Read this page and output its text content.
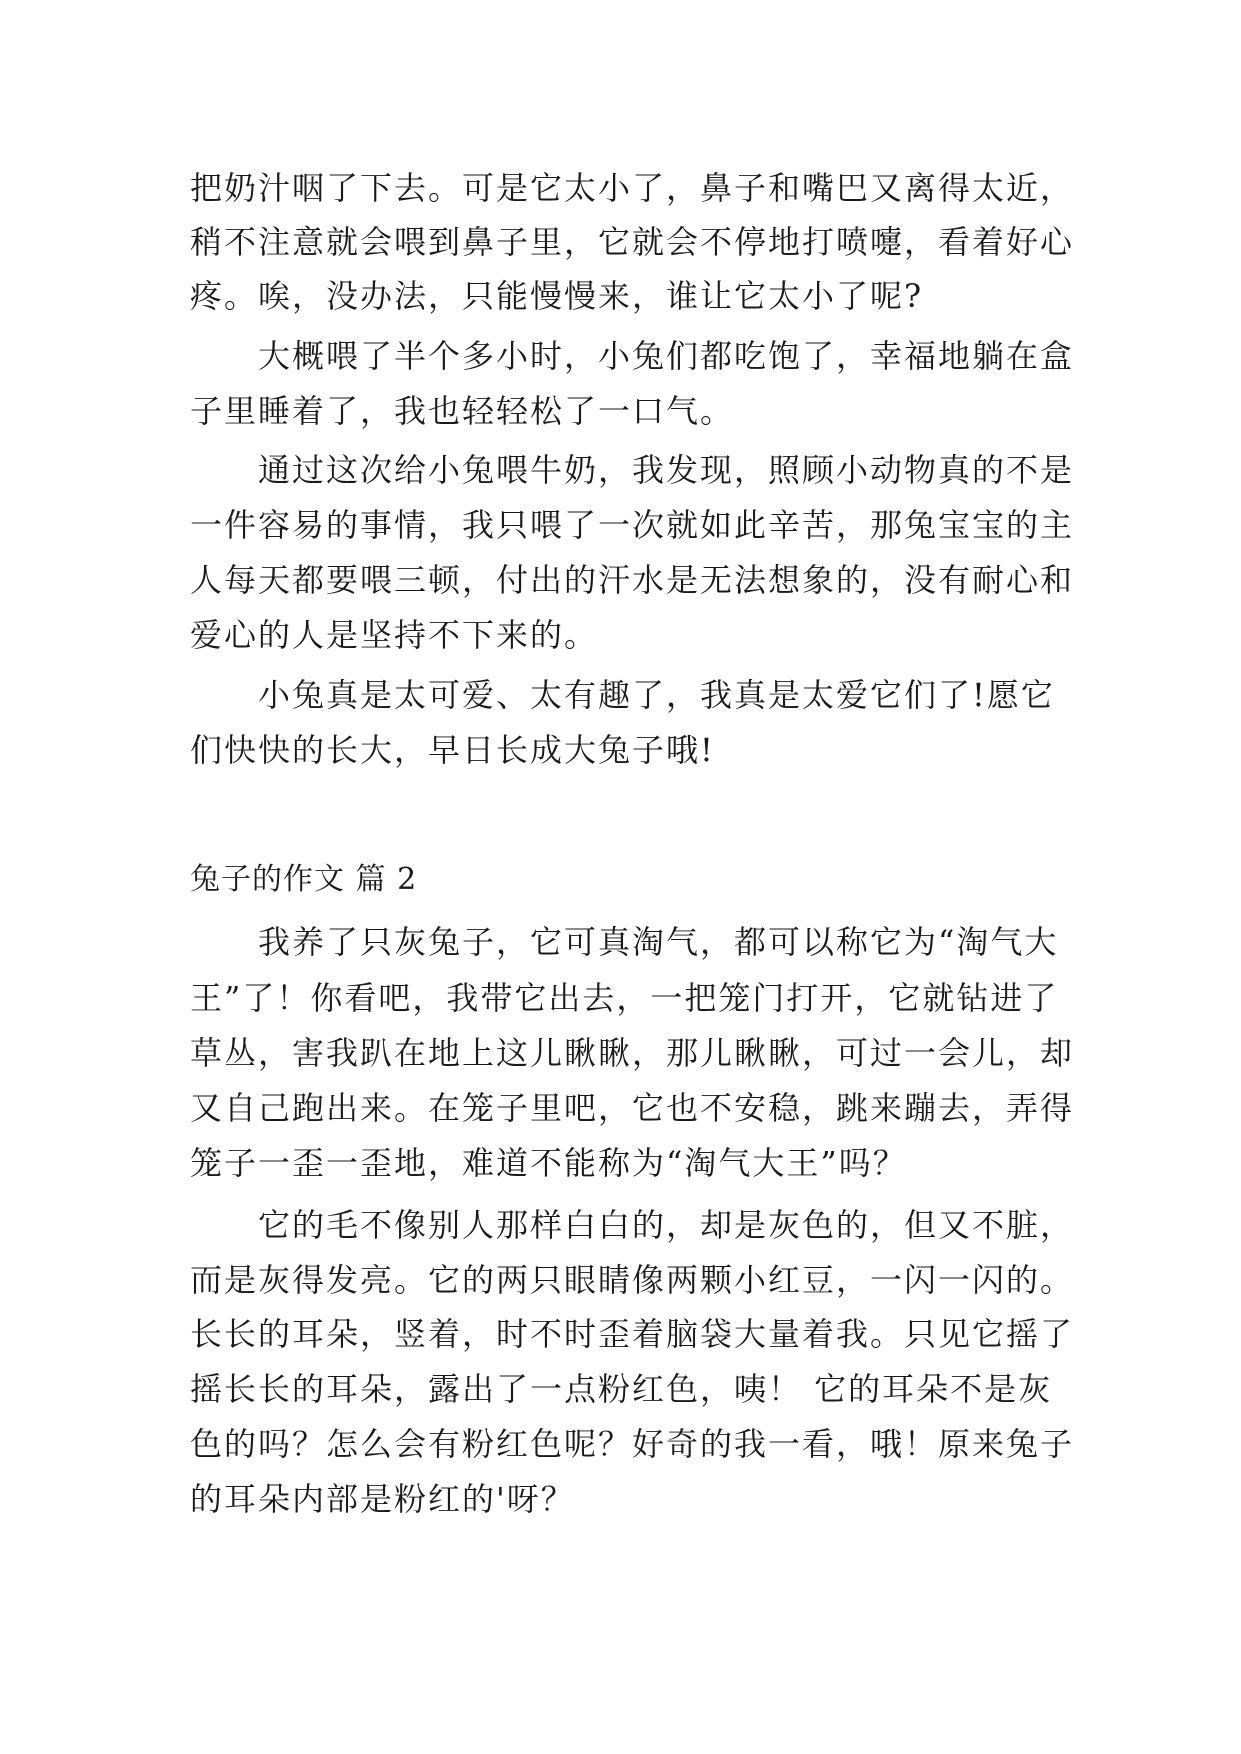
把奶汁咽了下去。可是它太小了，鼻子和嘴巴又离得太近，
稍不注意就会喂到鼻子里，它就会不停地打喷嚏，看着好心
疼。唉，没办法，只能慢慢来，谁让它太小了呢?
大概喂了半个多小时，小兔们都吃饱了，幸福地躺在盒
子里睡着了，我也轻轻松了一口气。
通过这次给小兔喂牛奶，我发现，照顾小动物真的不是
一件容易的事情，我只喂了一次就如此辛苦，那兔宝宝的主
人每天都要喂三顿，付出的汗水是无法想象的，没有耐心和
爱心的人是坚持不下来的。
小兔真是太可爱、太有趣了，我真是太爱它们了!愿它
们快快的长大，早日长成大兔子哦!
兔子的作文 篇 2
我养了只灰兔子，它可真淘气，都可以称它为“淘气大
王”了！你看吧，我带它出去，一把笼门打开，它就钻进了
草丛，害我趴在地上这儿瞅瞅，那儿瞅瞅，可过一会儿，却
又自己跑出来。在笼子里吧，它也不安稳，跳来蹦去，弄得
笼子一歪一歪地，难道不能称为“淘气大王”吗？
它的毛不像别人那样白白的，却是灰色的，但又不脏，
而是灰得发亮。它的两只眼睛像两颗小红豆，一闪一闪的。
长长的耳朵，竖着，时不时歪着脑袋大量着我。只见它摇了
摇长长的耳朵，露出了一点粉红色，咦！ 它的耳朵不是灰
色的吗？怎么会有粉红色呢？好奇的我一看，哦！原来兔子
的耳朵内部是粉红的'呀？
